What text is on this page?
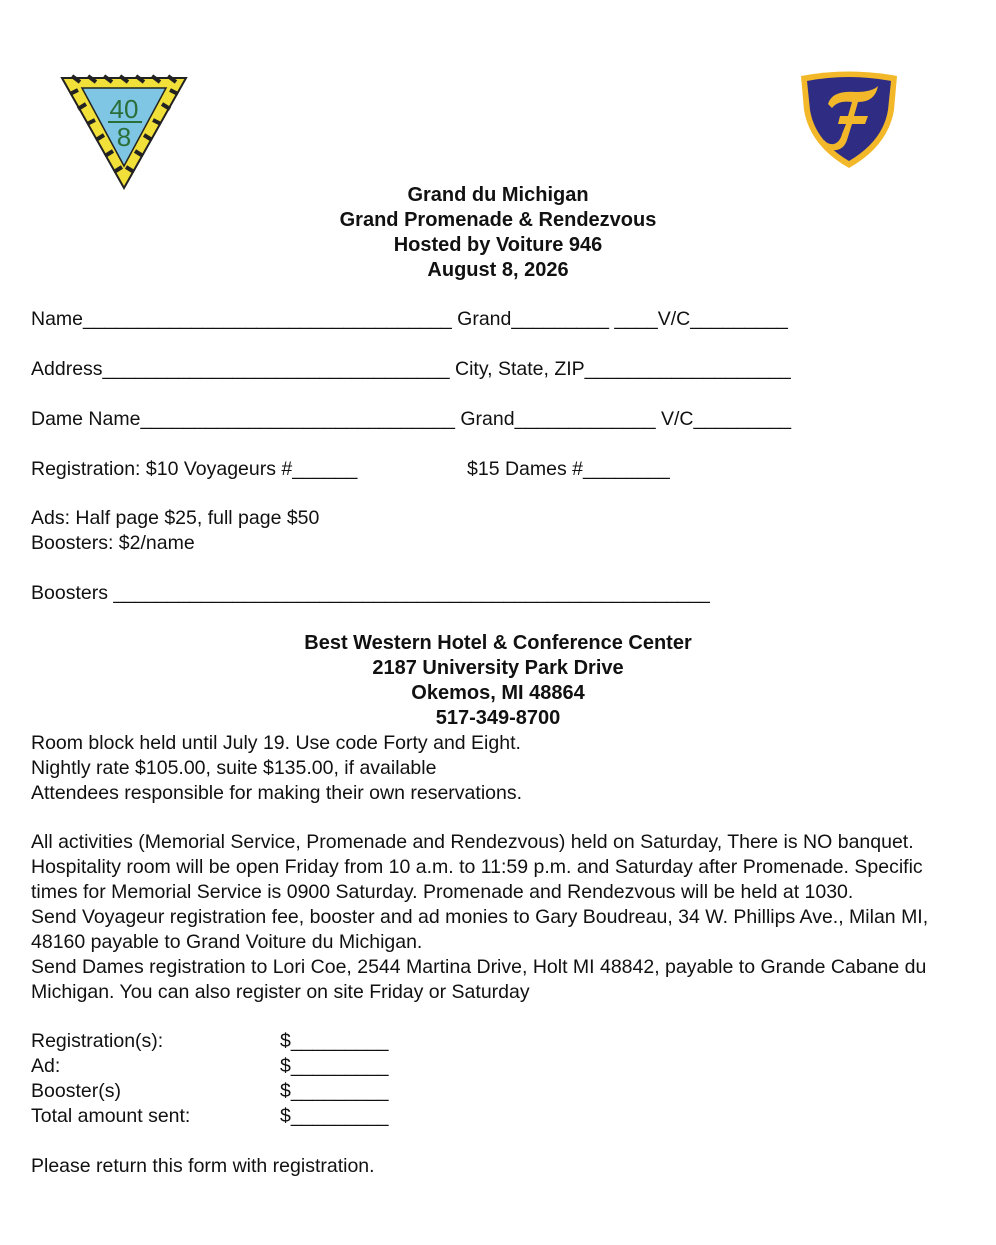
40
8
Grand du Michigan
Grand Promenade & Rendezvous
Hosted by Voiture 946
August 8, 2026
Name__________________________________ Grand_________ ____V/C_________
Address________________________________ City, State, ZIP___________________
Dame Name_____________________________ Grand_____________ V/C_________
Registration: $10 Voyageurs #______	$15 Dames #________
Ads: Half page $25, full page $50
Boosters: $2/name
Boosters _______________________________________________________
Best Western Hotel & Conference Center
2187 University Park Drive
Okemos, MI 48864
517-349-8700

Room block held until July 19. Use code Forty and Eight.

Nightly rate $105.00, suite $135.00, if available

Attendees responsible for making their own reservations.

All activities (Memorial Service, Promenade and Rendezvous) held on Saturday, There is NO banquet. Hospitality room will be open Friday from 10 a.m. to 11:59 p.m. and Saturday after Promenade. Specific times for Memorial Service is 0900 Saturday. Promenade and Rendezvous will be held at 1030.

Send Voyageur registration fee, booster and ad monies to Gary Boudreau, 34 W. Phillips Ave., Milan MI, 48160 payable to Grand Voiture du Michigan.

Send Dames registration to Lori Coe, 2544 Martina Drive, Holt MI 48842, payable to Grande Cabane du Michigan. You can also register on site Friday or Saturday

Registration(s):	$_________
Ad:	$_________
Booster(s)	$_________
Total amount sent:	$_________
Please return this form with registration.
